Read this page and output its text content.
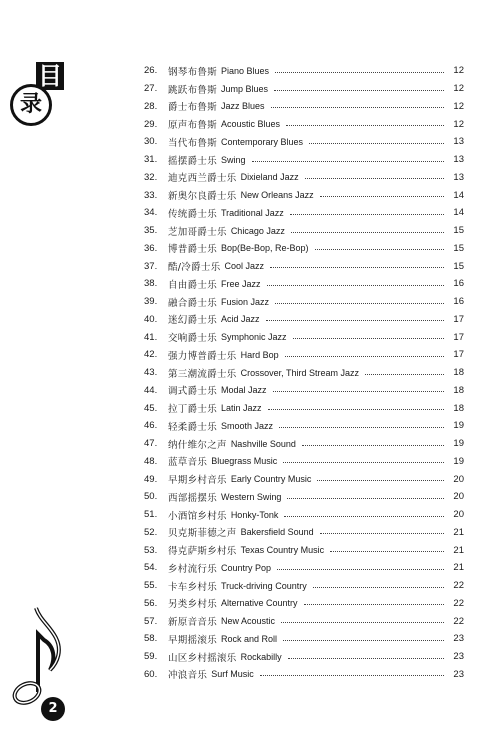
目
录
2
26.	钢琴布鲁斯 Piano Blues	12
27.	跳跃布鲁斯 Jump Blues	12
28.	爵士布鲁斯 Jazz Blues	12
29.	原声布鲁斯 Acoustic Blues	12
30.	当代布鲁斯 Contemporary Blues	13
31.	摇摆爵士乐 Swing	13
32.	迪克西兰爵士乐 Dixieland Jazz	13
33.	新奥尔良爵士乐 New Orleans Jazz	14
34.	传统爵士乐 Traditional Jazz	14
35.	芝加哥爵士乐 Chicago Jazz	15
36.	博普爵士乐 Bop(Be-Bop, Re-Bop)	15
37.	酷/冷爵士乐 Cool Jazz	15
38.	自由爵士乐 Free Jazz	16
39.	融合爵士乐 Fusion Jazz	16
40.	迷幻爵士乐 Acid Jazz	17
41.	交响爵士乐 Symphonic Jazz	17
42.	强力博普爵士乐 Hard Bop	17
43.	第三潮流爵士乐 Crossover, Third Stream Jazz	18
44.	调式爵士乐 Modal Jazz	18
45.	拉丁爵士乐 Latin Jazz	18
46.	轻柔爵士乐 Smooth Jazz	19
47.	纳什维尔之声 Nashville Sound	19
48.	蓝草音乐 Bluegrass Music	19
49.	早期乡村音乐 Early Country Music	20
50.	西部摇摆乐 Western Swing	20
51.	小酒馆乡村乐 Honky-Tonk	20
52.	贝克斯菲德之声 Bakersfield Sound	21
53.	得克萨斯乡村乐 Texas Country Music	21
54.	乡村流行乐 Country Pop	21
55.	卡车乡村乐 Truck-driving Country	22
56.	另类乡村乐 Alternative Country	22
57.	新原音音乐 New Acoustic	22
58.	早期摇滚乐 Rock and Roll	23
59.	山区乡村摇滚乐 Rockabilly	23
60.	冲浪音乐 Surf Music	23
